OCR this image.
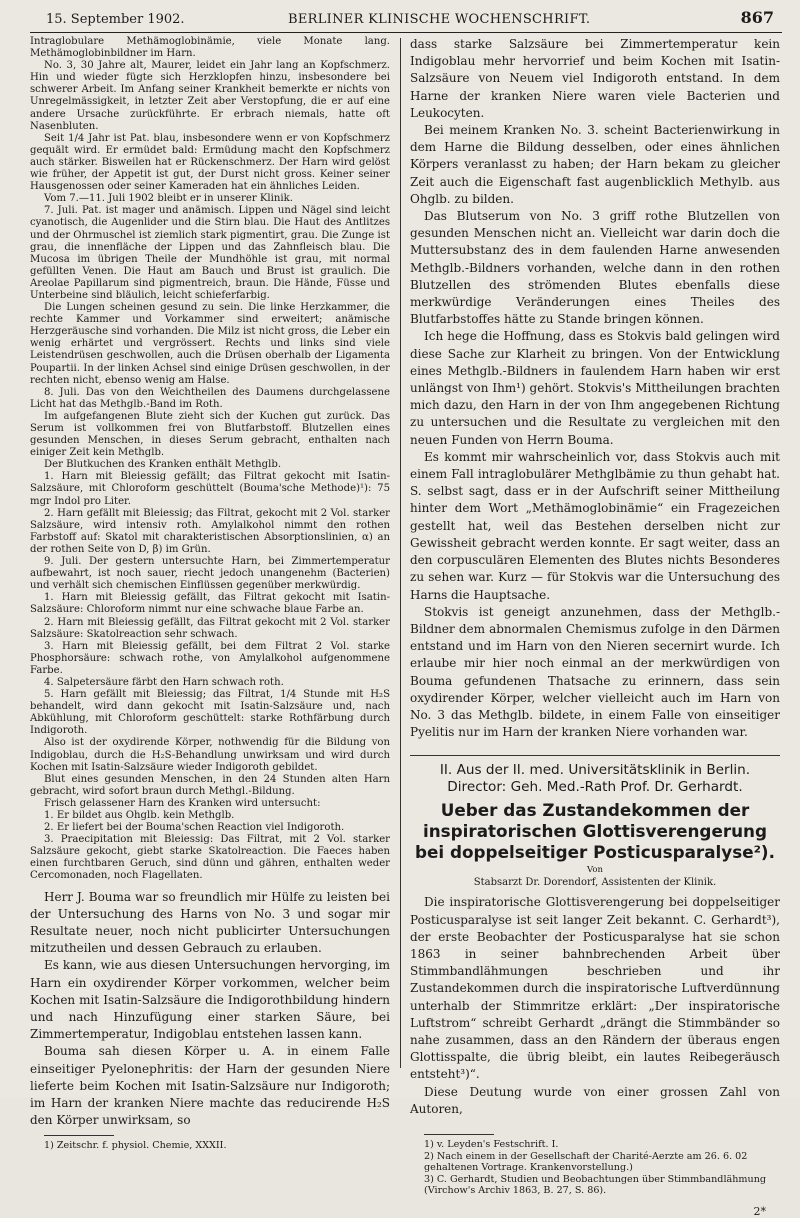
15. September 1902.	BERLINER KLINISCHE WOCHENSCHRIFT.	867

Intraglobulare Methämoglobinämie, viele Monate lang. Methämoglobinbildner im Harn.

No. 3, 30 Jahre alt, Maurer, leidet ein Jahr lang an Kopfschmerz. Hin und wieder fügte sich Herzklopfen hinzu, insbesondere bei schwerer Arbeit. Im Anfang seiner Krankheit bemerkte er nichts von Unregelmässigkeit, in letzter Zeit aber Verstopfung, die er auf eine andere Ursache zurückführte. Er erbrach niemals, hatte oft Nasenbluten.

Seit 1/4 Jahr ist Pat. blau, insbesondere wenn er von Kopfschmerz gequält wird. Er ermüdet bald: Ermüdung macht den Kopfschmerz auch stärker. Bisweilen hat er Rückenschmerz. Der Harn wird gelöst wie früher, der Appetit ist gut, der Durst nicht gross. Keiner seiner Hausgenossen oder seiner Kameraden hat ein ähnliches Leiden.

Vom 7.—11. Juli 1902 bleibt er in unserer Klinik.

7. Juli. Pat. ist mager und anämisch. Lippen und Nägel sind leicht cyanotisch, die Augenlider und die Stirn blau. Die Haut des Antlitzes und der Ohrmuschel ist ziemlich stark pigmentirt, grau. Die Zunge ist grau, die innenfläche der Lippen und das Zahnfleisch blau. Die Mucosa im übrigen Theile der Mundhöhle ist grau, mit normal gefüllten Venen. Die Haut am Bauch und Brust ist graulich. Die Areolae Papillarum sind pigmentreich, braun. Die Hände, Füsse und Unterbeine sind bläulich, leicht schieferfarbig.

Die Lungen scheinen gesund zu sein. Die linke Herzkammer, die rechte Kammer und Vorkammer sind erweitert; anämische Herzgeräusche sind vorhanden. Die Milz ist nicht gross, die Leber ein wenig erhärtet und vergrössert. Rechts und links sind viele Leistendrüsen geschwollen, auch die Drüsen oberhalb der Ligamenta Poupartii. In der linken Achsel sind einige Drüsen geschwollen, in der rechten nicht, ebenso wenig am Halse.

8. Juli. Das von den Weichtheilen des Daumens durchgelassene Licht hat das Methglb.-Band im Roth.

Im aufgefangenen Blute zieht sich der Kuchen gut zurück. Das Serum ist vollkommen frei von Blutfarbstoff. Blutzellen eines gesunden Menschen, in dieses Serum gebracht, enthalten nach einiger Zeit kein Methglb.

Der Blutkuchen des Kranken enthält Methglb.

1. Harn mit Bleiessig gefällt; das Filtrat gekocht mit Isatin-Salzsäure, mit Chloroform geschüttelt (Bouma'sche Methode)¹): 75 mgr Indol pro Liter.

2. Harn gefällt mit Bleiessig; das Filtrat, gekocht mit 2 Vol. starker Salzsäure, wird intensiv roth. Amylalkohol nimmt den rothen Farbstoff auf: Skatol mit charakteristischen Absorptionslinien, α) an der rothen Seite von D, β) im Grün.

9. Juli. Der gestern untersuchte Harn, bei Zimmertemperatur aufbewahrt, ist noch sauer, riecht jedoch unangenehm (Bacterien) und verhält sich chemischen Einflüssen gegenüber merkwürdig.

1. Harn mit Bleiessig gefällt, das Filtrat gekocht mit Isatin-Salzsäure: Chloroform nimmt nur eine schwache blaue Farbe an.

2. Harn mit Bleiessig gefällt, das Filtrat gekocht mit 2 Vol. starker Salzsäure: Skatolreaction sehr schwach.

3. Harn mit Bleiessig gefällt, bei dem Filtrat 2 Vol. starke Phosphorsäure: schwach rothe, von Amylalkohol aufgenommene Farbe.

4. Salpetersäure färbt den Harn schwach roth.

5. Harn gefällt mit Bleiessig; das Filtrat, 1/4 Stunde mit H₂S behandelt, wird dann gekocht mit Isatin-Salzsäure und, nach Abkühlung, mit Chloroform geschüttelt: starke Rothfärbung durch Indigoroth.

Also ist der oxydirende Körper, nothwendig für die Bildung von Indigoblau, durch die H₂S-Behandlung unwirksam und wird durch Kochen mit Isatin-Salzsäure wieder Indigoroth gebildet.

Blut eines gesunden Menschen, in den 24 Stunden alten Harn gebracht, wird sofort braun durch Methgl.-Bildung.

Frisch gelassener Harn des Kranken wird untersucht:

1. Er bildet aus Ohglb. kein Methglb.

2. Er liefert bei der Bouma'schen Reaction viel Indigoroth.

3. Praecipitation mit Bleiessig: Das Filtrat, mit 2 Vol. starker Salzsäure gekocht, giebt starke Skatolreaction. Die Faeces haben einen furchtbaren Geruch, sind dünn und gähren, enthalten weder Cercomonaden, noch Flagellaten.

Herr J. Bouma war so freundlich mir Hülfe zu leisten bei der Untersuchung des Harns von No. 3 und sogar mir Resultate neuer, noch nicht publicirter Untersuchungen mitzutheilen und dessen Gebrauch zu erlauben.

Es kann, wie aus diesen Untersuchungen hervorging, im Harn ein oxydirender Körper vorkommen, welcher beim Kochen mit Isatin-Salzsäure die Indigorothbildung hindern und nach Hinzufügung einer starken Säure, bei Zimmertemperatur, Indigoblau entstehen lassen kann.

Bouma sah diesen Körper u. A. in einem Falle einseitiger Pyelonephritis: der Harn der gesunden Niere lieferte beim Kochen mit Isatin-Salzsäure nur Indigoroth; im Harn der kranken Niere machte das reducirende H₂S den Körper unwirksam, so

1) Zeitschr. f. physiol. Chemie, XXXII.

dass starke Salzsäure bei Zimmertemperatur kein Indigoblau mehr hervorrief und beim Kochen mit Isatin-Salzsäure von Neuem viel Indigoroth entstand. In dem Harne der kranken Niere waren viele Bacterien und Leukocyten.

Bei meinem Kranken No. 3. scheint Bacterienwirkung in dem Harne die Bildung desselben, oder eines ähnlichen Körpers veranlasst zu haben; der Harn bekam zu gleicher Zeit auch die Eigenschaft fast augenblicklich Methylb. aus Ohglb. zu bilden.

Das Blutserum von No. 3 griff rothe Blutzellen von gesunden Menschen nicht an. Vielleicht war darin doch die Muttersubstanz des in dem faulenden Harne anwesenden Methglb.-Bildners vorhanden, welche dann in den rothen Blutzellen des strömenden Blutes ebenfalls diese merkwürdige Veränderungen eines Theiles des Blutfarbstoffes hätte zu Stande bringen können.

Ich hege die Hoffnung, dass es Stokvis bald gelingen wird diese Sache zur Klarheit zu bringen. Von der Entwicklung eines Methglb.-Bildners in faulendem Harn haben wir erst unlängst von Ihm¹) gehört. Stokvis's Mittheilungen brachten mich dazu, den Harn in der von Ihm angegebenen Richtung zu untersuchen und die Resultate zu vergleichen mit den neuen Funden von Herrn Bouma.

Es kommt mir wahrscheinlich vor, dass Stokvis auch mit einem Fall intraglobulärer Methglbämie zu thun gehabt hat. S. selbst sagt, dass er in der Aufschrift seiner Mittheilung hinter dem Wort „Methämoglobinämie“ ein Fragezeichen gestellt hat, weil das Bestehen derselben nicht zur Gewissheit gebracht werden konnte. Er sagt weiter, dass an den corpusculären Elementen des Blutes nichts Besonderes zu sehen war. Kurz — für Stokvis war die Untersuchung des Harns die Hauptsache.

Stokvis ist geneigt anzunehmen, dass der Methglb.-Bildner dem abnormalen Chemismus zufolge in den Därmen entstand und im Harn von den Nieren secernirt wurde. Ich erlaube mir hier noch einmal an der merkwürdigen von Bouma gefundenen Thatsache zu erinnern, dass sein oxydirender Körper, welcher vielleicht auch im Harn von No. 3 das Methglb. bildete, in einem Falle von einseitiger Pyelitis nur im Harn der kranken Niere vorhanden war.

II. Aus der II. med. Universitätsklinik in Berlin.

Director: Geh. Med.-Rath Prof. Dr. Gerhardt.

Ueber das Zustandekommen der inspiratorischen Glottisverengerung bei doppelseitiger Posticusparalyse²).

Von

Stabsarzt Dr. Dorendorf, Assistenten der Klinik.

Die inspiratorische Glottisverengerung bei doppelseitiger Posticusparalyse ist seit langer Zeit bekannt. C. Gerhardt³), der erste Beobachter der Posticusparalyse hat sie schon 1863 in seiner bahnbrechenden Arbeit über Stimmbandlähmungen beschrieben und ihr Zustandekommen durch die inspiratorische Luftverdünnung unterhalb der Stimmritze erklärt: „Der inspiratorische Luftstrom“ schreibt Gerhardt „drängt die Stimmbänder so nahe zusammen, dass an den Rändern der überaus engen Glottisspalte, die übrig bleibt, ein lautes Reibegeräusch entsteht³)“.

Diese Deutung wurde von einer grossen Zahl von Autoren,

1) v. Leyden's Festschrift. I.

2) Nach einem in der Gesellschaft der Charité-Aerzte am 26. 6. 02 gehaltenen Vortrage. Krankenvorstellung.)

3) C. Gerhardt, Studien und Beobachtungen über Stimmbandlähmung (Virchow's Archiv 1863, B. 27, S. 86).

2*
